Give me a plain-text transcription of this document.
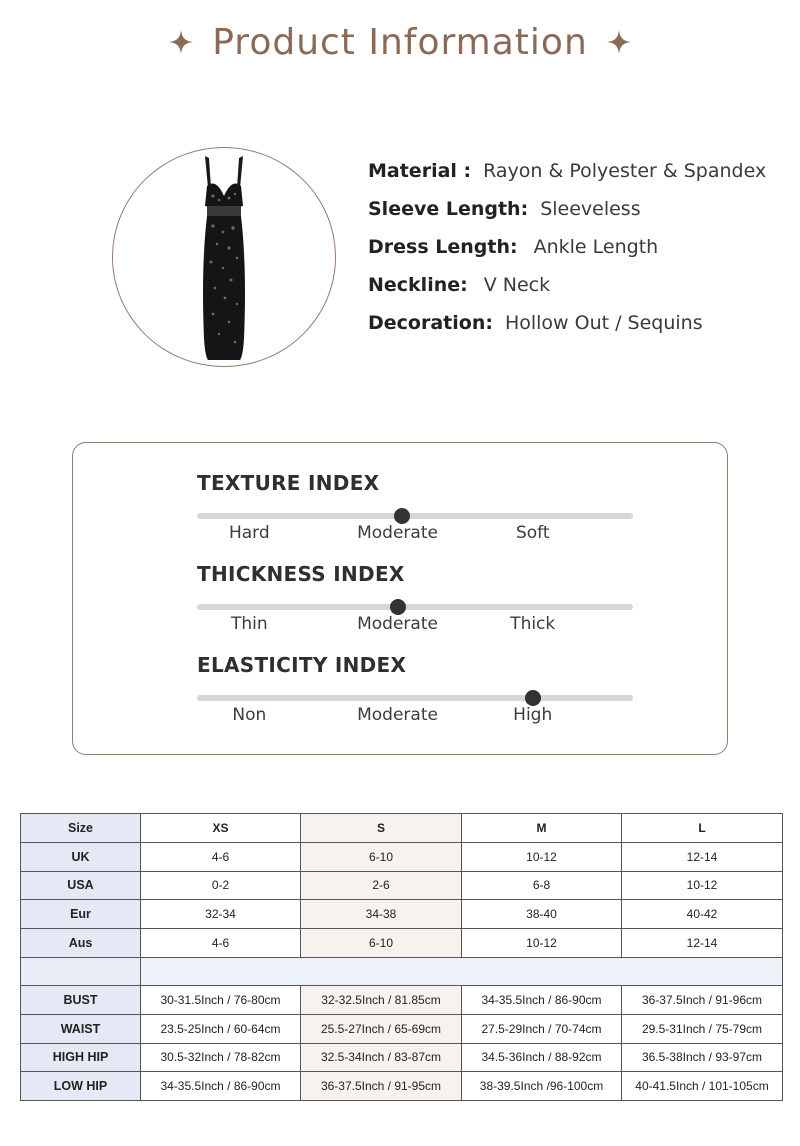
Product Information
Material : Rayon & Polyester & Spandex
Sleeve Length: Sleeveless
Dress Length: Ankle Length
Neckline: V Neck
Decoration: Hollow Out / Sequins
TEXTURE INDEX
Hard	Moderate	Soft
THICKNESS INDEX
Thin	Moderate	Thick
ELASTICITY INDEX
Non	Moderate	High
Size	XS	S	M	L
UK	4-6	6-10	10-12	12-14
USA	0-2	2-6	6-8	10-12
Eur	32-34	34-38	38-40	40-42
Aus	4-6	6-10	10-12	12-14

BUST	30-31.5Inch / 76-80cm	32-32.5Inch / 81.85cm	34-35.5Inch / 86-90cm	36-37.5Inch / 91-96cm
WAIST	23.5-25Inch / 60-64cm	25.5-27Inch / 65-69cm	27.5-29Inch / 70-74cm	29.5-31Inch / 75-79cm
HIGH HIP	30.5-32Inch / 78-82cm	32.5-34Inch / 83-87cm	34.5-36Inch / 88-92cm	36.5-38Inch / 93-97cm
LOW HIP	34-35.5Inch / 86-90cm	36-37.5Inch / 91-95cm	38-39.5Inch /96-100cm	40-41.5Inch / 101-105cm
